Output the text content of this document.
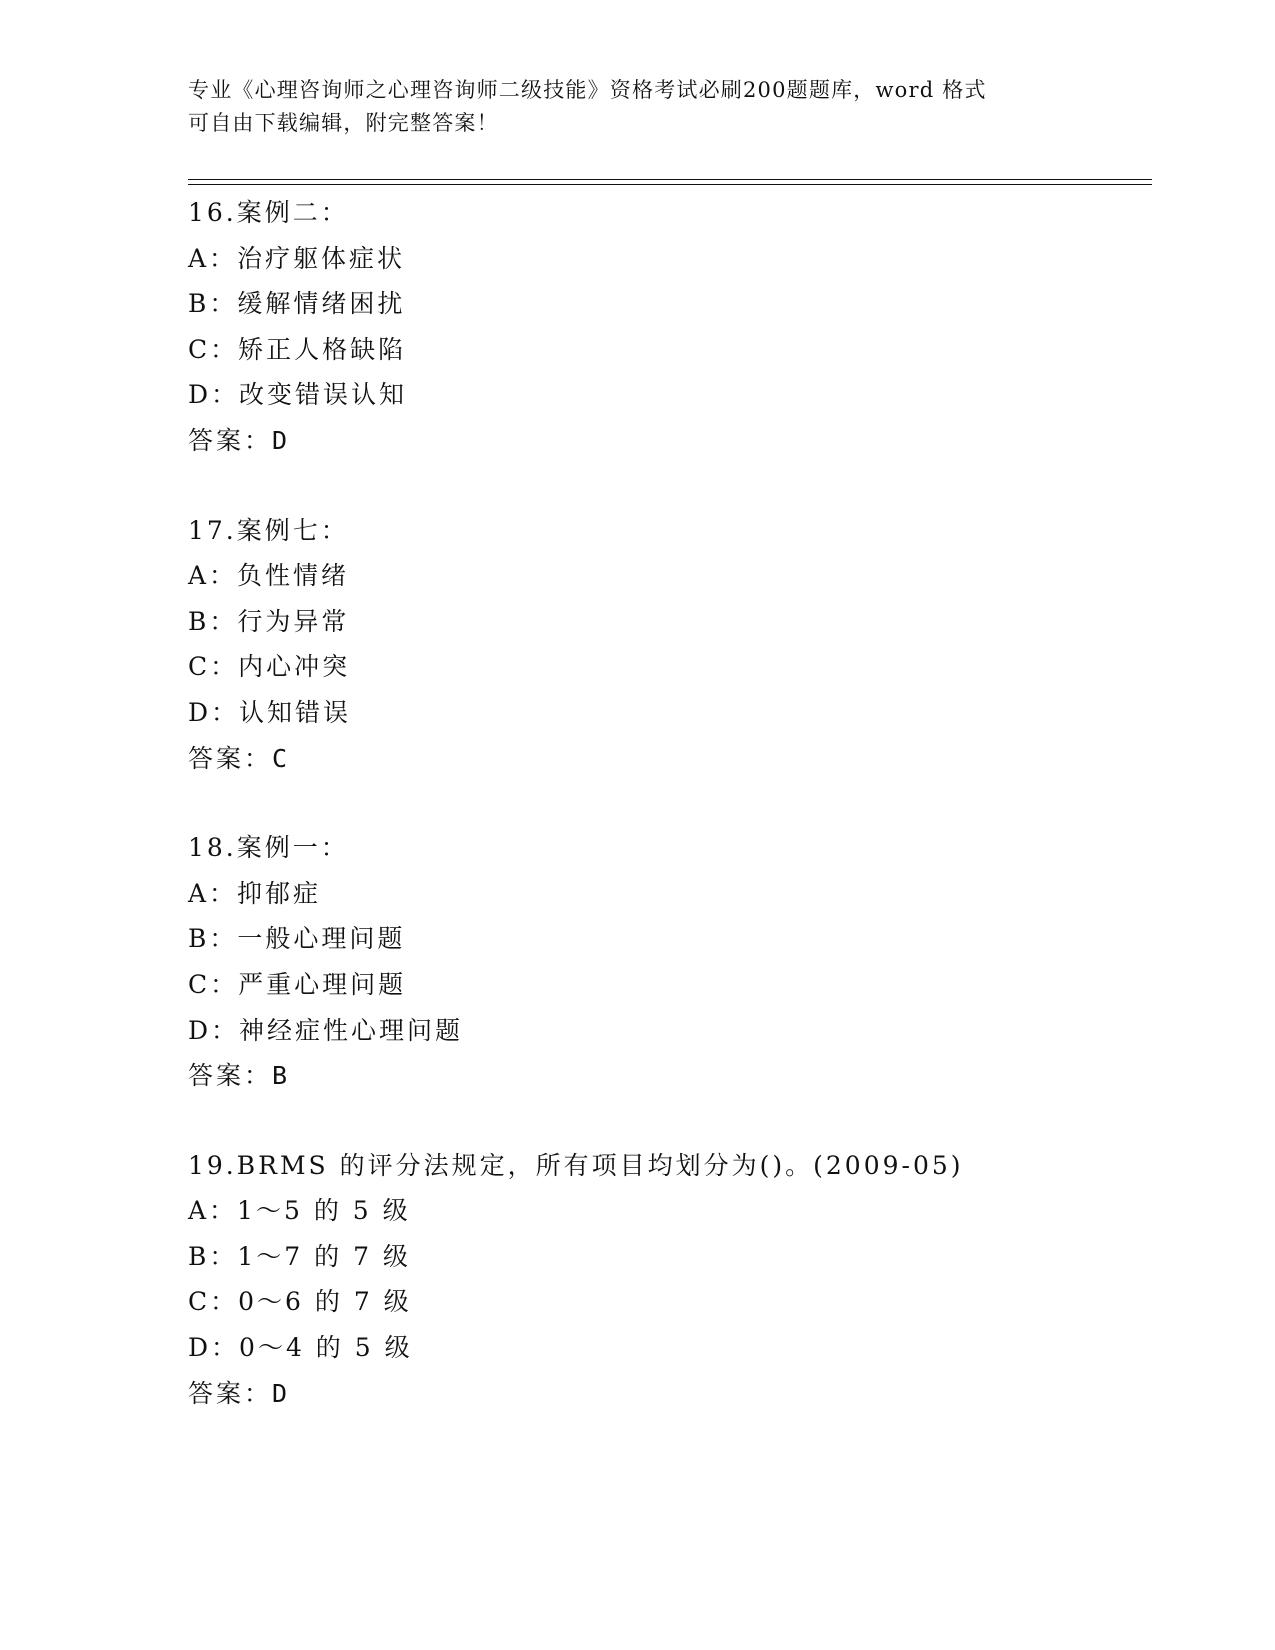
专业《心理咨询师之心理咨询师二级技能》资格考试必刷200题题库，word 格式
可自由下载编辑，附完整答案！
16.案例二：
A：治疗躯体症状
B：缓解情绪困扰
C：矫正人格缺陷
D：改变错误认知
答案：D
17.案例七：
A：负性情绪
B：行为异常
C：内心冲突
D：认知错误
答案：C
18.案例一：
A：抑郁症
B：一般心理问题
C：严重心理问题
D：神经症性心理问题
答案：B
19.BRMS 的评分法规定，所有项目均划分为()。(2009-05)
A：1～5 的 5 级
B：1～7 的 7 级
C：0～6 的 7 级
D：0～4 的 5 级
答案：D
